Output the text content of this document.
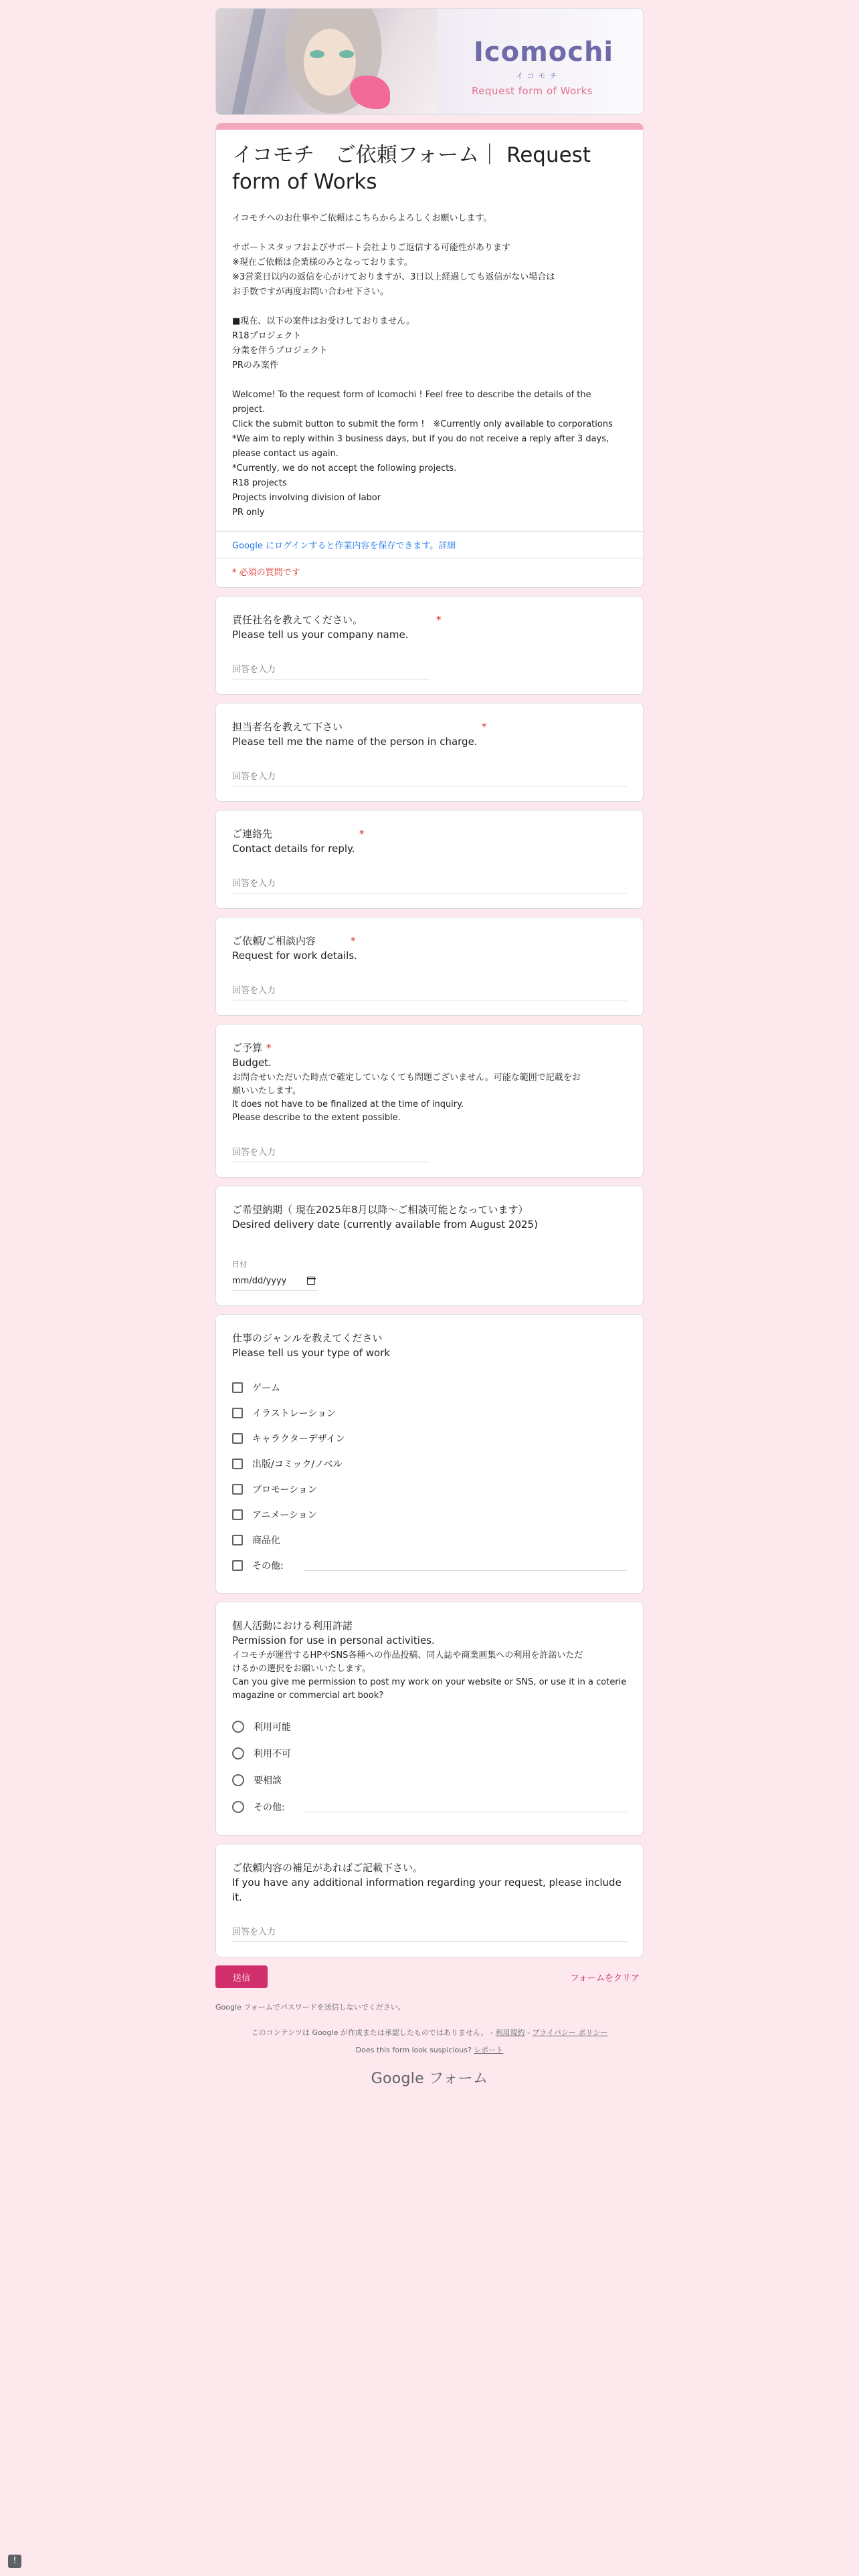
Icomochi
イコモチ
Request form of Works
イコモチ　ご依頼フォーム｜ Request form of Works
イコモチへのお仕事やご依頼はこちらからよろしくお願いします。

サポートスタッフおよびサポート会社よりご返信する可能性があります
※現在ご依頼は企業様のみとなっております。
※3営業日以内の返信を心がけておりますが、3日以上経過しても返信がない場合は
お手数ですが再度お問い合わせ下さい。

■現在、以下の案件はお受けしておりません。
R18プロジェクト
分業を伴うプロジェクト
PRのみ案件

Welcome! To the request form of Icomochi ! Feel free to describe the details of the project.
Click the submit button to submit the form !　※Currently only available to corporations
*We aim to reply within 3 business days, but if you do not receive a reply after 3 days,
please contact us again.
*Currently, we do not accept the following projects.
R18 projects
Projects involving division of labor
PR only
Google にログインすると作業内容を保存できます。詳細
* 必須の質問です
責任社名を教えてください。	*
Please tell us your company name.
回答を入力
担当者名を教えて下さい	*
Please tell me the name of the person in charge.
回答を入力
ご連絡先	*
Contact details for reply.
回答を入力
ご依頼/ご相談内容	*
Request for work details.
回答を入力
ご予算 *
Budget.
お問合せいただいた時点で確定していなくても問題ございません。可能な範囲で記載をお
願いいたします。
It does not have to be finalized at the time of inquiry.
Please describe to the extent possible.
回答を入力
ご希望納期（ 現在2025年8月以降〜ご相談可能となっています）
Desired delivery date (currently available from August 2025)
日付
mm/dd/yyyy
仕事のジャンルを教えてください
Please tell us your type of work
ゲーム
イラストレーション
キャラクターデザイン
出版/コミック/ノベル
プロモーション
アニメーション
商品化
その他:
個人活動における利用許諾
Permission for use in personal activities.
イコモチが運営するHPやSNS各種への作品投稿、同人誌や商業画集への利用を許諾いただ
けるかの選択をお願いいたします。
Can you give me permission to post my work on your website or SNS, or use it in a coterie
magazine or commercial art book?
利用可能
利用不可
要相談
その他:
ご依頼内容の補足があればご記載下さい。
If you have any additional information regarding your request, please include it.
回答を入力
送信	フォームをクリア
Google フォームでパスワードを送信しないでください。
このコンテンツは Google が作成または承認したものではありません。 - 利用規約 - プライバシー ポリシー
Does this form look suspicious? レポート
Google フォーム
!
